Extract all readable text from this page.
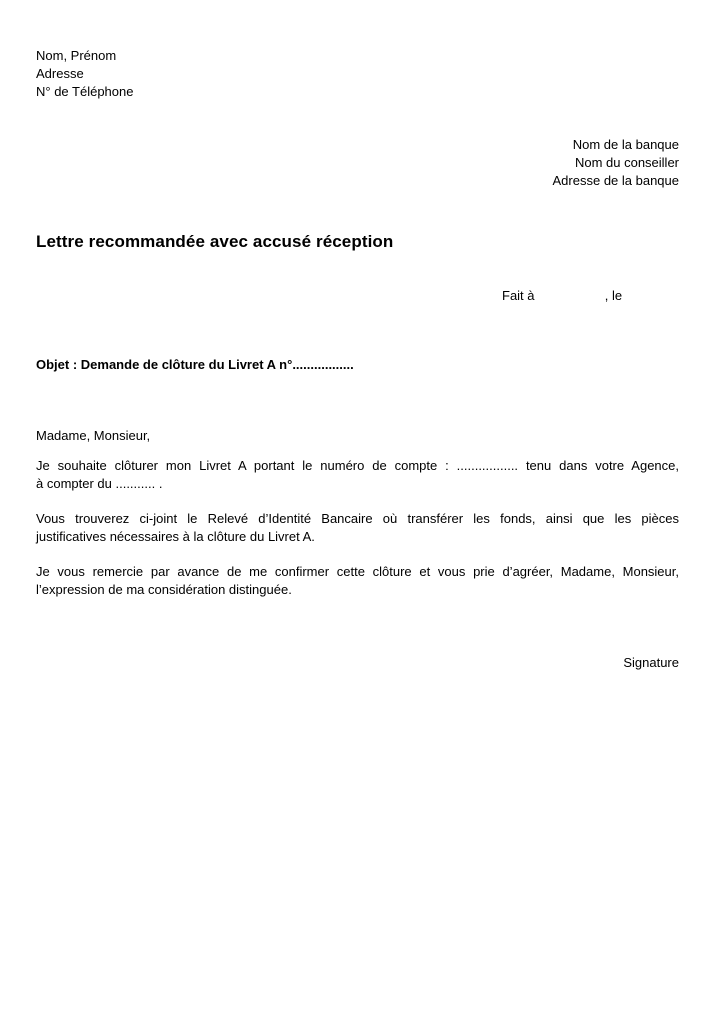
Nom, Prénom
Adresse
N° de Téléphone
Nom de la banque
Nom du conseiller
Adresse de la banque
Lettre recommandée avec accusé réception
Fait à	, le
Objet : Demande de clôture du Livret A n°.................
Madame, Monsieur,
Je souhaite clôturer mon Livret A portant le numéro de compte : ................. tenu dans votre Agence,
à compter du ........... .
Vous trouverez ci-joint le Relevé d’Identité Bancaire où transférer les fonds, ainsi que les pièces
justificatives nécessaires à la clôture du Livret A.
Je vous remercie par avance de me confirmer cette clôture et vous prie d’agréer, Madame, Monsieur,
l’expression de ma considération distinguée.
Signature
